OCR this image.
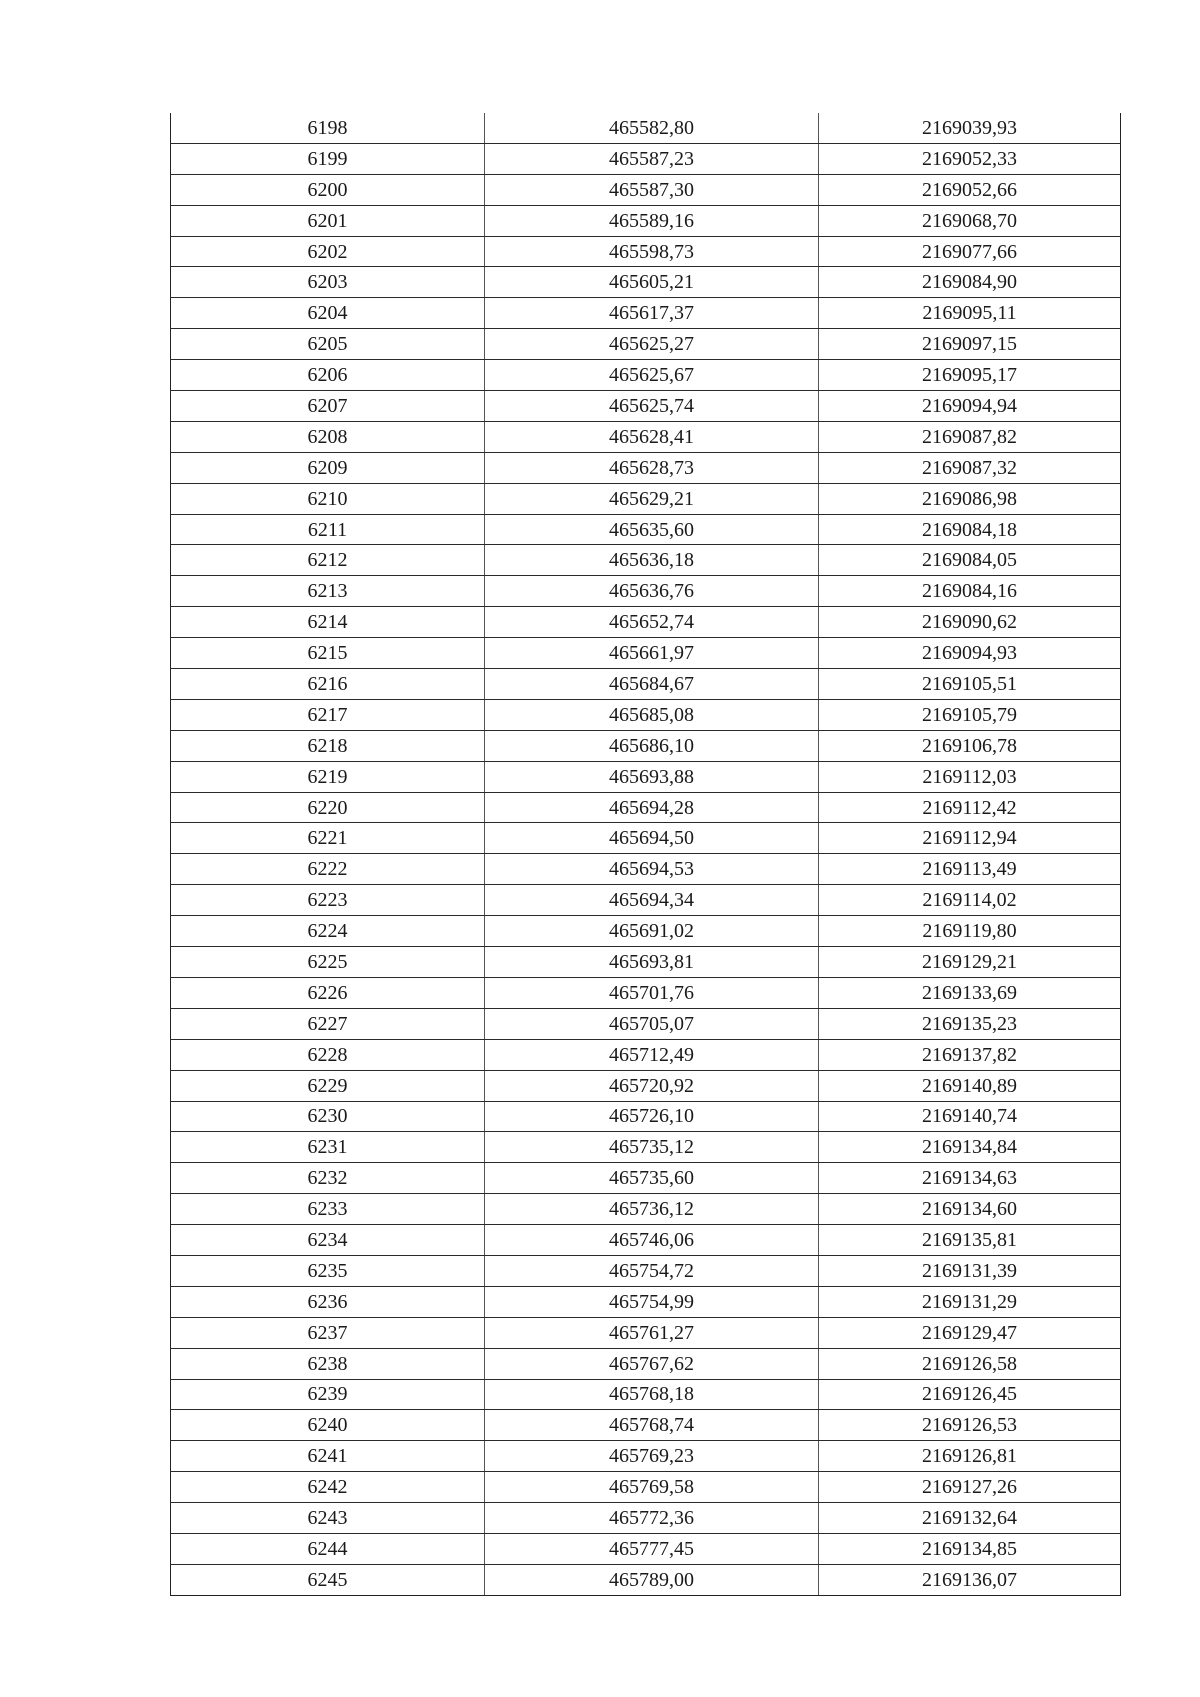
6198	465582,80	2169039,93
6199	465587,23	2169052,33
6200	465587,30	2169052,66
6201	465589,16	2169068,70
6202	465598,73	2169077,66
6203	465605,21	2169084,90
6204	465617,37	2169095,11
6205	465625,27	2169097,15
6206	465625,67	2169095,17
6207	465625,74	2169094,94
6208	465628,41	2169087,82
6209	465628,73	2169087,32
6210	465629,21	2169086,98
6211	465635,60	2169084,18
6212	465636,18	2169084,05
6213	465636,76	2169084,16
6214	465652,74	2169090,62
6215	465661,97	2169094,93
6216	465684,67	2169105,51
6217	465685,08	2169105,79
6218	465686,10	2169106,78
6219	465693,88	2169112,03
6220	465694,28	2169112,42
6221	465694,50	2169112,94
6222	465694,53	2169113,49
6223	465694,34	2169114,02
6224	465691,02	2169119,80
6225	465693,81	2169129,21
6226	465701,76	2169133,69
6227	465705,07	2169135,23
6228	465712,49	2169137,82
6229	465720,92	2169140,89
6230	465726,10	2169140,74
6231	465735,12	2169134,84
6232	465735,60	2169134,63
6233	465736,12	2169134,60
6234	465746,06	2169135,81
6235	465754,72	2169131,39
6236	465754,99	2169131,29
6237	465761,27	2169129,47
6238	465767,62	2169126,58
6239	465768,18	2169126,45
6240	465768,74	2169126,53
6241	465769,23	2169126,81
6242	465769,58	2169127,26
6243	465772,36	2169132,64
6244	465777,45	2169134,85
6245	465789,00	2169136,07
